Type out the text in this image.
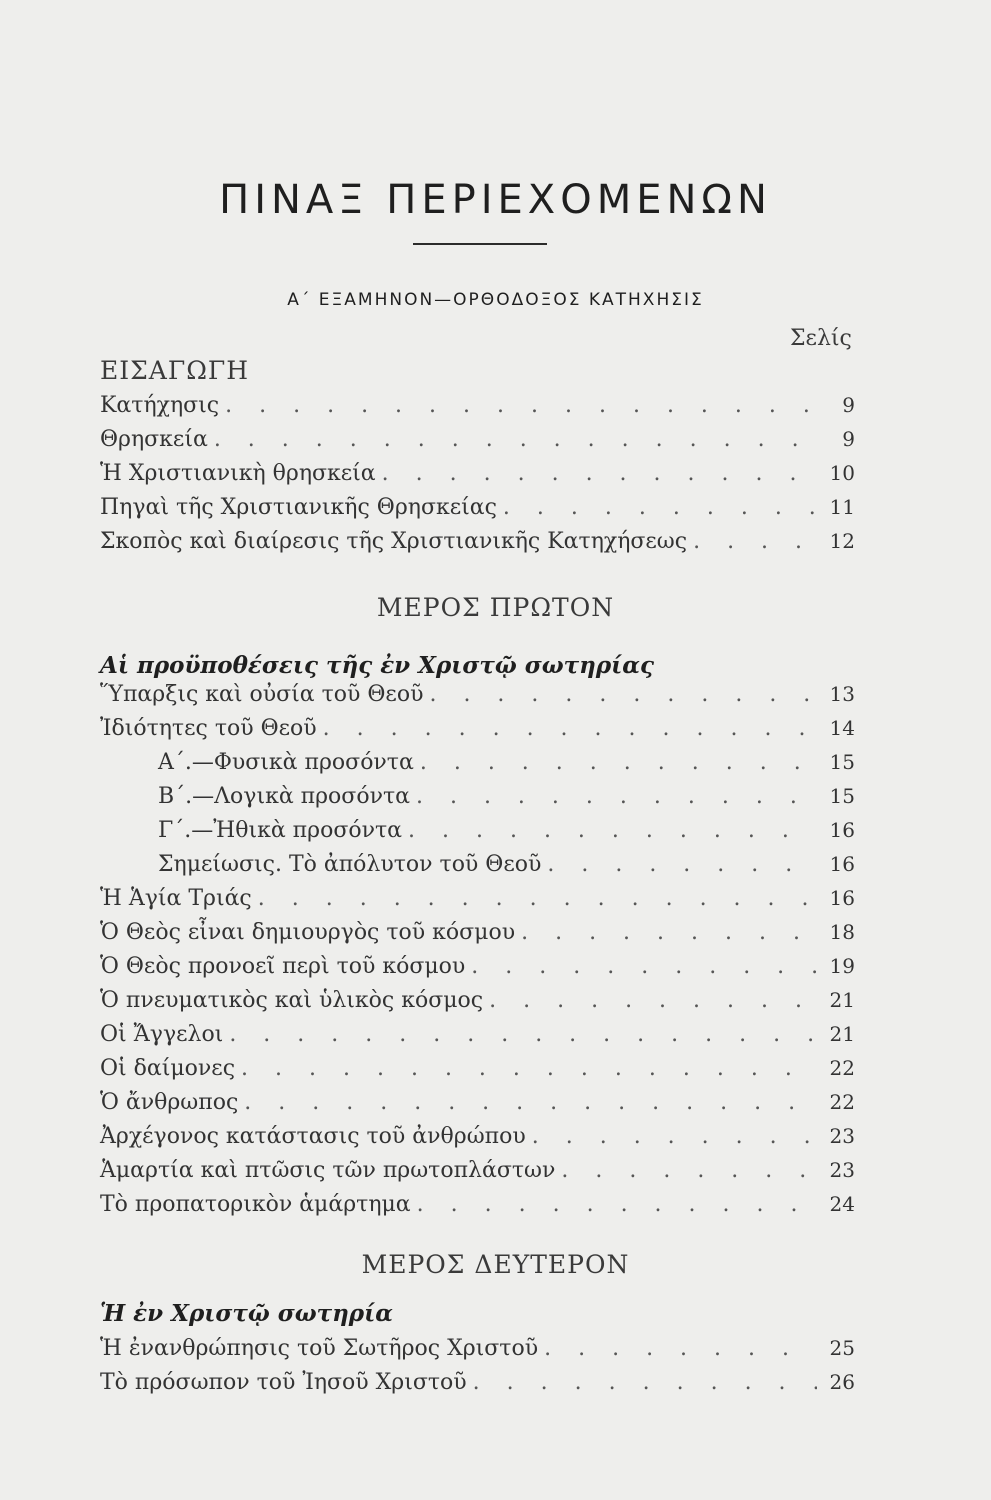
ΠΙΝΑΞ ΠΕΡΙΕΧΟΜΕΝΩΝ
Α΄ ΕΞΑΜΗΝΟΝ—ΟΡΘΟΔΟΞΟΣ ΚΑΤΗΧΗΣΙΣ
Σελίς
ΕΙΣΑΓΩΓΗ
Κατήχησις . . .	9
Θρησκεία . . .	9
Ἡ Χριστιανικὴ θρησκεία . . .	10
Πηγαὶ τῆς Χριστιανικῆς Θρησκείας . . .	11
Σκοπὸς καὶ διαίρεσις τῆς Χριστιανικῆς Κατηχήσεως . . .	12
ΜΕΡΟΣ ΠΡΩΤΟΝ
Αἱ προϋποθέσεις τῆς ἐν Χριστῷ σωτηρίας
Ὕπαρξις καὶ οὐσία τοῦ Θεοῦ . . .	13
Ἰδιότητες τοῦ Θεοῦ . . .	14
Α΄.—Φυσικὰ προσόντα . . .	15
Β΄.—Λογικὰ προσόντα . . .	15
Γ΄.—Ἠθικὰ προσόντα . . .	16
Σημείωσις. Τὸ ἀπόλυτον τοῦ Θεοῦ . . .	16
Ἡ Ἁγία Τριάς . . .	16
Ὁ Θεὸς εἶναι δημιουργὸς τοῦ κόσμου . . .	18
Ὁ Θεὸς προνοεῖ περὶ τοῦ κόσμου . . .	19
Ὁ πνευματικὸς καὶ ὑλικὸς κόσμος . . .	21
Οἱ Ἄγγελοι . . .	21
Οἱ δαίμονες . . .	22
Ὁ ἄνθρωπος . . .	22
Ἀρχέγονος κατάστασις τοῦ ἀνθρώπου . . .	23
Ἁμαρτία καὶ πτῶσις τῶν πρωτοπλάστων . . .	23
Τὸ προπατορικὸν ἁμάρτημα . . .	24
ΜΕΡΟΣ ΔΕΥΤΕΡΟΝ
Ἡ ἐν Χριστῷ σωτηρία
Ἡ ἐνανθρώπησις τοῦ Σωτῆρος Χριστοῦ . . .	25
Τὸ πρόσωπον τοῦ Ἰησοῦ Χριστοῦ . . .	26
